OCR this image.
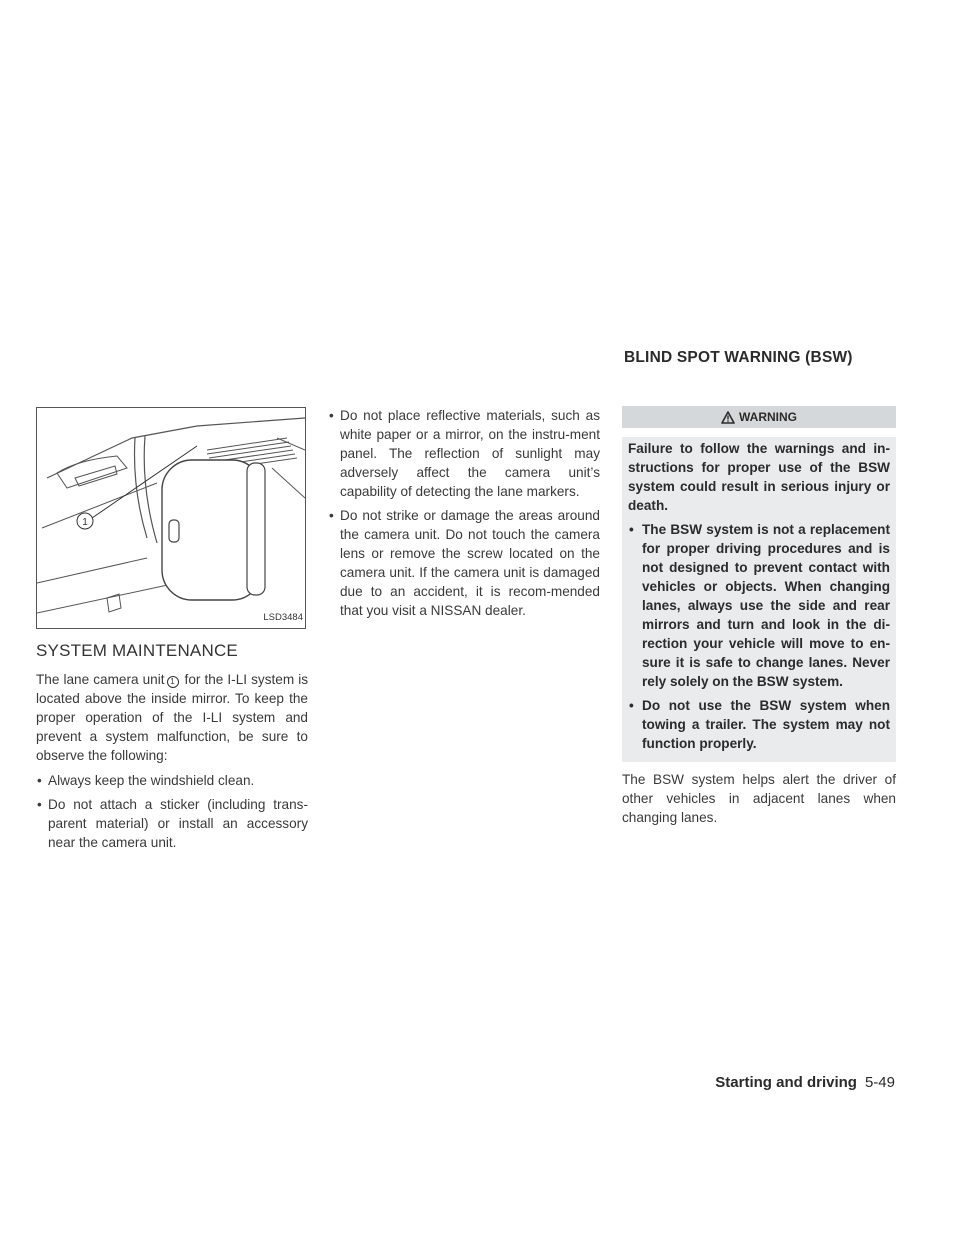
1
LSD3484
SYSTEM MAINTENANCE

The lane camera unit 1 for the I-LI system is located above the inside mirror. To keep the proper operation of the I-LI system and prevent a system malfunction, be sure to observe the following:

• Always keep the windshield clean.
• Do not attach a sticker (including trans-parent material) or install an accessory near the camera unit.
• Do not place reflective materials, such as white paper or a mirror, on the instru-ment panel. The reflection of sunlight may adversely affect the camera unit’s capability of detecting the lane markers.
• Do not strike or damage the areas around the camera unit. Do not touch the camera lens or remove the screw located on the camera unit. If the camera unit is damaged due to an accident, it is recom-mended that you visit a NISSAN dealer.
BLIND SPOT WARNING (BSW)
WARNING

Failure to follow the warnings and in-structions for proper use of the BSW system could result in serious injury or death.

• The BSW system is not a replacement for proper driving procedures and is not designed to prevent contact with vehicles or objects. When changing lanes, always use the side and rear mirrors and turn and look in the di-rection your vehicle will move to en-sure it is safe to change lanes. Never rely solely on the BSW system.
• Do not use the BSW system when towing a trailer. The system may not function properly.

The BSW system helps alert the driver of other vehicles in adjacent lanes when changing lanes.

Starting and driving 5-49
